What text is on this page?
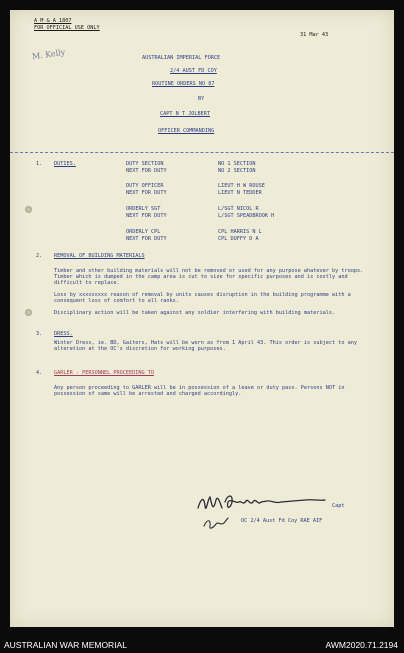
A M & A 1807
FOR OFFICIAL USE ONLY
31 Mar 43
M. Kelly	AUSTRALIAN IMPERIAL FORCE
2/4 AUST FD COY
ROUTINE ORDERS NO 87
BY
CAPT N T JOLBERT
OFFICER COMMANDING
1. DUTIES.	DUTY SECTION	NO 1 SECTION
NEXT FOR DUTY	NO 2 SECTION
DUTY OFFICER	LIEUT H W ROUSE
NEXT FOR DUTY	LIEUT N TEDDER
ORDERLY SGT	L/SGT NICOL R
NEXT FOR DUTY	L/SGT SPEADBROOK H
ORDERLY CPL	CPL HARRIS N L
NEXT FOR DUTY	CPL DUFFY D A
2. REMOVAL OF BUILDING MATERIALS
Timber and other building materials will not be removed or used for any purpose whatever by troops. Timber which is dumped in the camp area is cut to size for specific purposes and is costly and difficult to replace.
Loss by xxxxxxxxx reason of removal by units causes disruption in the building programme with a consequent loss of comfort to all ranks.
Disciplinary action will be taken against any soldier interfering with building materials.
3. DRESS.
Winter Dress, ie. BD, Gaiters, Hats will be worn as from 1 April 43. This order is subject to any alteration at the OC's discretion for working purposes.
4. GARLER - PERSONNEL PROCEEDING TO
Any person proceeding to GARLER will be in possession of a leave or duty pass. Persons NOT in possession of same will be arrested and charged accordingly.
Capt
OC 2/4 Aust Fd Coy RAE AIF
AUSTRALIAN WAR MEMORIAL	AWM2020.71.2194
